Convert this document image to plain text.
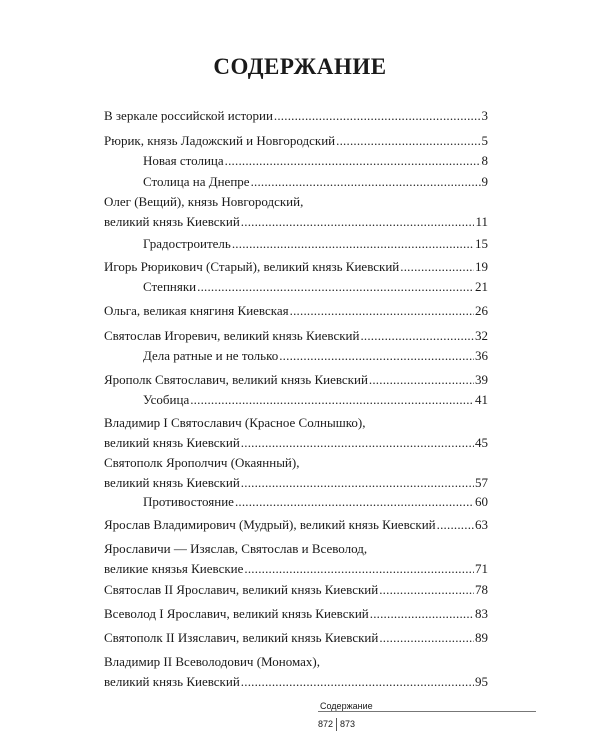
СОДЕРЖАНИЕ
В зеркале российской истории .....	3
Рюрик, князь Ладожский и Новгородский .....	5
Новая столица .....	8
Столица на Днепре .....	9
Олег (Вещий), князь Новгородский,
великий князь Киевский .....	11
Градостроитель .....	15
Игорь Рюрикович (Старый), великий князь Киевский .....	19
Степняки .....	21
Ольга, великая княгиня Киевская .....	26
Святослав Игоревич, великий князь Киевский .....	32
Дела ратные и не только .....	36
Ярополк Святославич, великий князь Киевский .....	39
Усобица .....	41
Владимир I Святославич (Красное Солнышко),
великий князь Киевский .....	45
Святополк Ярополчич (Окаянный),
великий князь Киевский .....	57
Противостояние .....	60
Ярослав Владимирович (Мудрый), великий князь Киевский .....	63
Ярославичи — Изяслав, Святослав и Всеволод,
великие князья Киевские .....	71
Святослав II Ярославич, великий князь Киевский .....	78
Всеволод I Ярославич, великий князь Киевский .....	83
Святополк II Изяславич, великий князь Киевский .....	89
Владимир II Всеволодович (Мономах),
великий князь Киевский .....	95
Содержание
872 873
